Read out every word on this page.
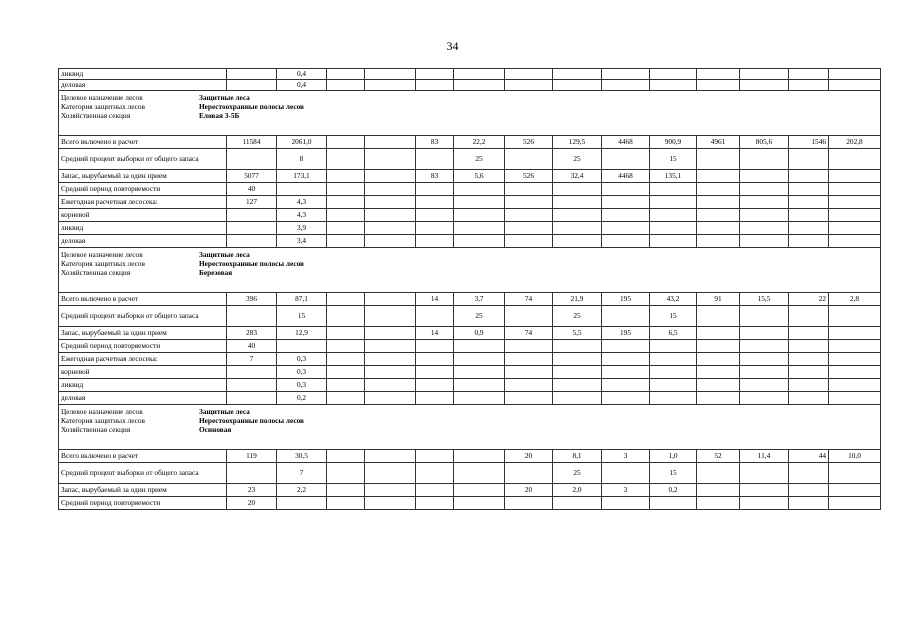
34
ликвид		0,4												
деловая		0,4												

Целевое назначение лесов Защитные леса
Категория защитных лесов Нерестоохранные полосы лесов
Хозяйственная секция Еловая 3-5Б														

Всего включено в расчет	11584	2061,0			83	22,2	526	129,5	4468	900,9	4961	805,6	1546	202,8
Средний процент выборки от общего запаса		8				25		25		15				
Запас, вырубаемый за один прием	5077	173,1			83	5,6	526	32,4	4468	135,1				
Средний период повторяемости	40													
Ежегодная расчетная лесосека:	127	4,3												
корневой		4,3												
ликвид		3,9												
деловая		3,4												

Целевое назначение лесов Защитные леса
Категория защитных лесов Нерестоохранные полосы лесов
Хозяйственная секция Березовая														

Всего включено в расчет	396	87,1			14	3,7	74	21,9	195	43,2	91	15,5	22	2,8
Средний процент выборки от общего запаса		15				25		25		15				
Запас, вырубаемый за один прием	283	12,9			14	0,9	74	5,5	195	6,5				
Средний период повторяемости	40													
Ежегодная расчетная лесосека:	7	0,3												
корневой		0,3												
ликвид		0,3												
деловая		0,2												

Целевое назначение лесов Защитные леса
Категория защитных лесов Нерестоохранные полосы лесов
Хозяйственная секция Осиновая														

Всего включено в расчет	119	30,5					20	8,1	3	1,0	52	11,4	44	10,0
Средний процент выборки от общего запаса		7						25		15				
Запас, вырубаемый за один прием	23	2,2					20	2,0	3	0,2				
Средний период повторяемости	20													
